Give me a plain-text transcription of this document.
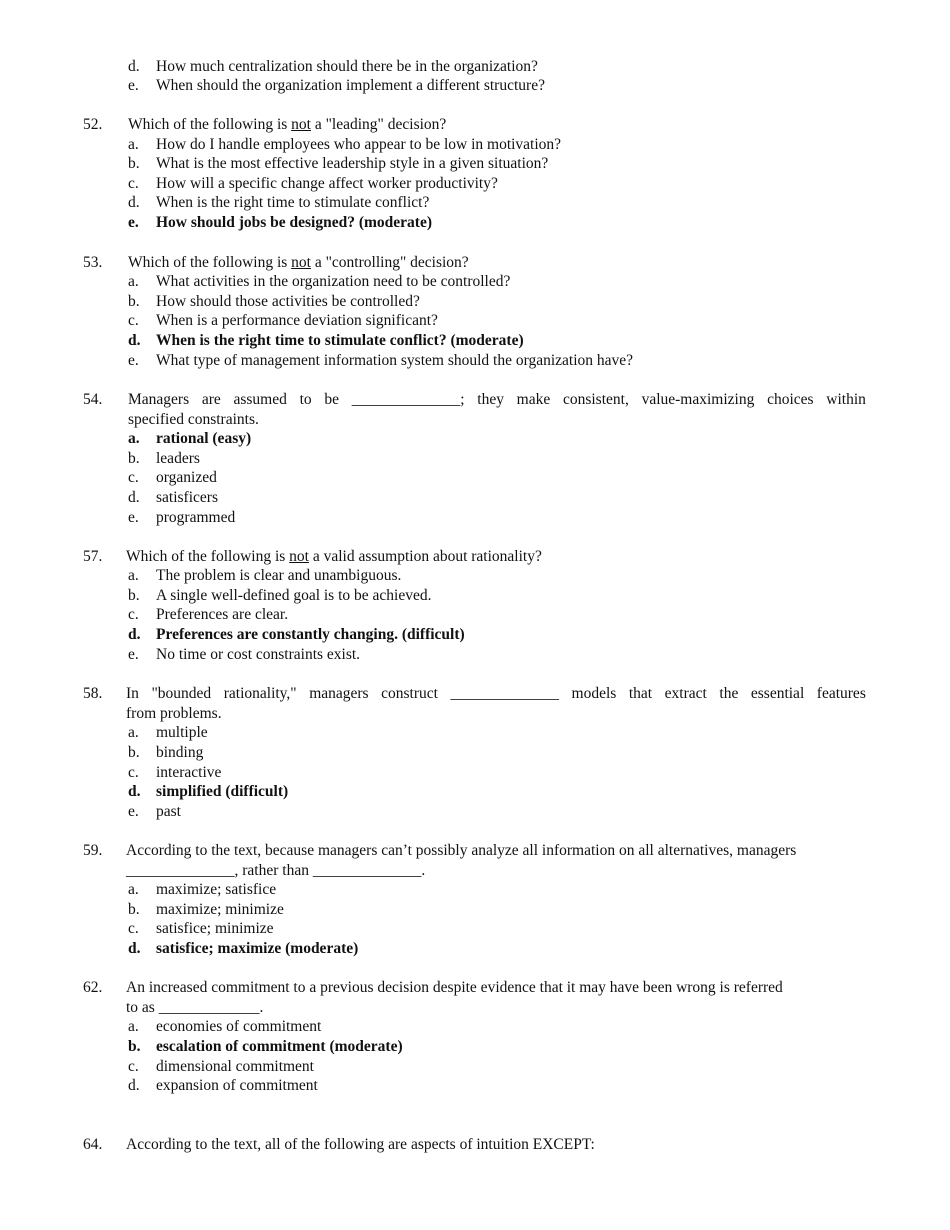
d. How much centralization should there be in the organization?
e. When should the organization implement a different structure?
52. Which of the following is not a "leading" decision?
a. How do I handle employees who appear to be low in motivation?
b. What is the most effective leadership style in a given situation?
c. How will a specific change affect worker productivity?
d. When is the right time to stimulate conflict?
e. How should jobs be designed? (moderate)
53. Which of the following is not a "controlling" decision?
a. What activities in the organization need to be controlled?
b. How should those activities be controlled?
c. When is a performance deviation significant?
d. When is the right time to stimulate conflict? (moderate)
e. What type of management information system should the organization have?
54. Managers are assumed to be ______________; they make consistent, value-maximizing choices within
specified constraints.
a. rational (easy)
b. leaders
c. organized
d. satisficers
e. programmed
57. Which of the following is not a valid assumption about rationality?
a. The problem is clear and unambiguous.
b. A single well-defined goal is to be achieved.
c. Preferences are clear.
d. Preferences are constantly changing. (difficult)
e. No time or cost constraints exist.
58. In "bounded rationality," managers construct ______________ models that extract the essential features
from problems.
a. multiple
b. binding
c. interactive
d. simplified (difficult)
e. past
59. According to the text, because managers can’t possibly analyze all information on all alternatives, managers
______________, rather than ______________.
a. maximize; satisfice
b. maximize; minimize
c. satisfice; minimize
d. satisfice; maximize (moderate)
62. An increased commitment to a previous decision despite evidence that it may have been wrong is referred
to as _____________.
a. economies of commitment
b. escalation of commitment (moderate)
c. dimensional commitment
d. expansion of commitment
64. According to the text, all of the following are aspects of intuition EXCEPT:
